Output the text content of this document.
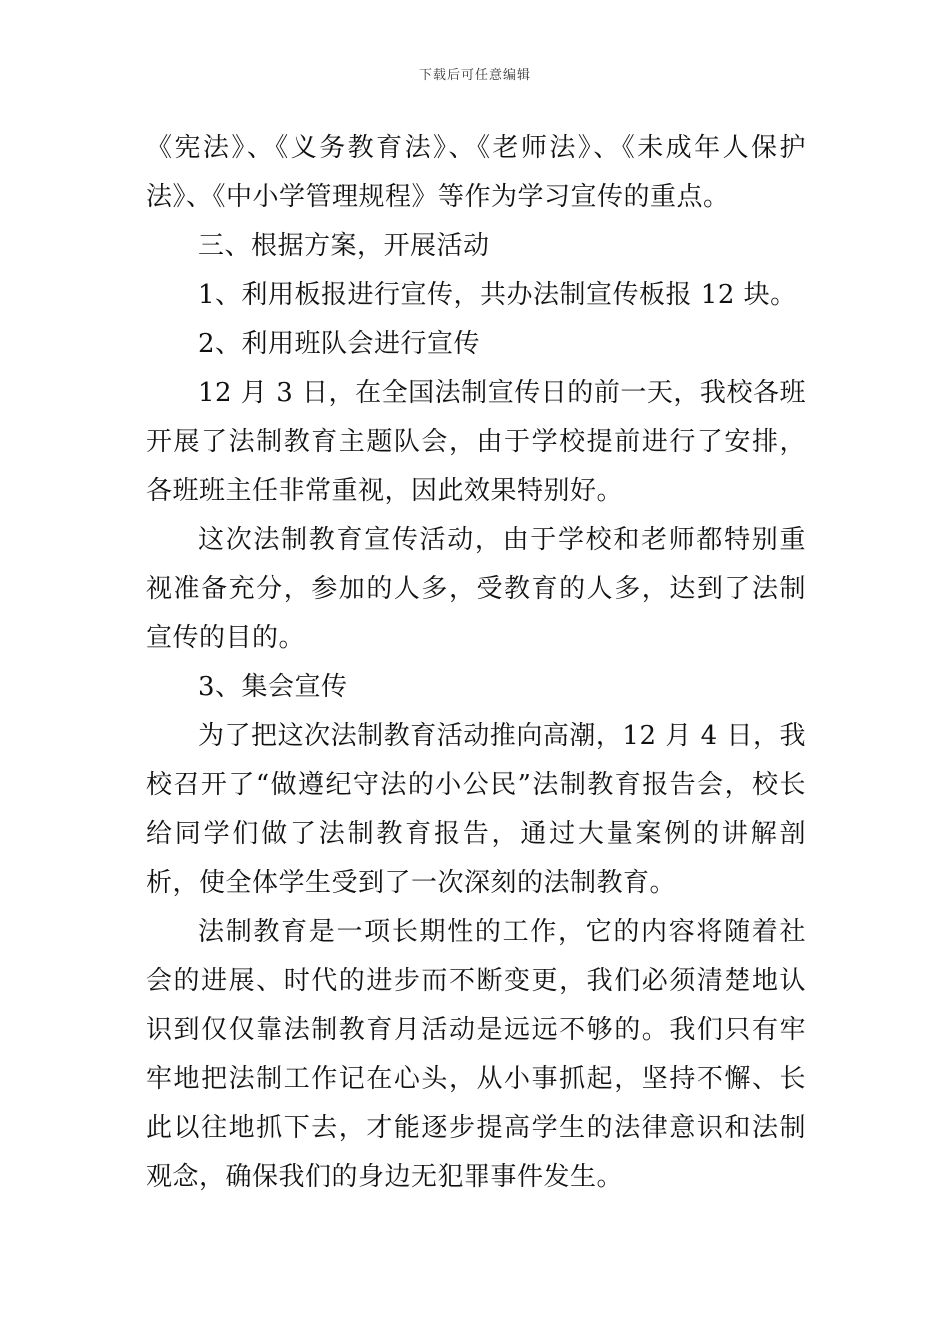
下载后可任意编辑

《宪法》、《义务教育法》、《老师法》、《未成年人保护法》、《中小学管理规程》等作为学习宣传的重点。

三、根据方案，开展活动

1、利用板报进行宣传，共办法制宣传板报 12 块。

2、利用班队会进行宣传

12 月 3 日，在全国法制宣传日的前一天，我校各班开展了法制教育主题队会，由于学校提前进行了安排，各班班主任非常重视，因此效果特别好。

这次法制教育宣传活动，由于学校和老师都特别重视准备充分，参加的人多，受教育的人多，达到了法制宣传的目的。

3、集会宣传

为了把这次法制教育活动推向高潮，12 月 4 日，我校召开了“做遵纪守法的小公民”法制教育报告会，校长给同学们做了法制教育报告，通过大量案例的讲解剖析，使全体学生受到了一次深刻的法制教育。

法制教育是一项长期性的工作，它的内容将随着社会的进展、时代的进步而不断变更，我们必须清楚地认识到仅仅靠法制教育月活动是远远不够的。我们只有牢牢地把法制工作记在心头，从小事抓起，坚持不懈、长此以往地抓下去，才能逐步提高学生的法律意识和法制观念，确保我们的身边无犯罪事件发生。
